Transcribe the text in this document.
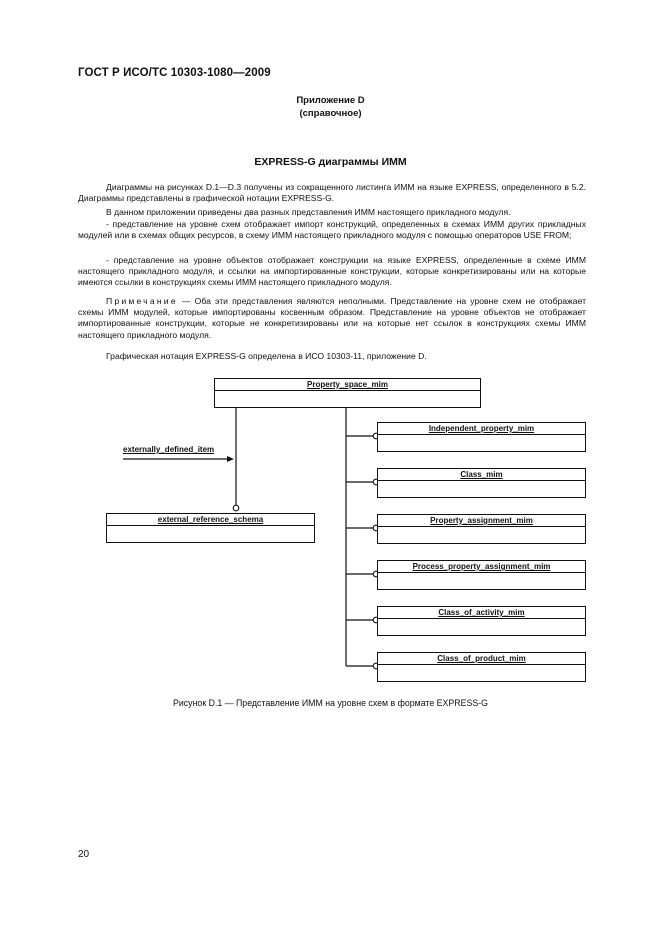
ГОСТ Р ИСО/ТС 10303-1080—2009
Приложение D
(справочное)
EXPRESS-G диаграммы ИММ

Диаграммы на рисунках D.1—D.3 получены из сокращенного листинга ИММ на языке EXPRESS, определенного в 5.2. Диаграммы представлены в графической нотации EXPRESS-G.

В данном приложении приведены два разных представления ИММ настоящего прикладного модуля.

- представление на уровне схем отображает импорт конструкций, определенных в схемах ИММ других прикладных модулей или в схемах общих ресурсов, в схему ИММ настоящего прикладного модуля с помощью операторов USE FROM;

- представление на уровне объектов отображает конструкции на языке EXPRESS, определенные в схеме ИММ настоящего прикладного модуля, и ссылки на импортированные конструкции, которые конкретизированы или на которые имеются ссылки в конструкциях схемы ИММ настоящего прикладного модуля.

Примечание — Оба эти представления являются неполными. Представление на уровне схем не отображает схемы ИММ модулей, которые импортированы косвенным образом. Представление на уровне объектов не отображает импортированные конструкции, которые не конкретизированы или на которые нет ссылок в конструкциях схемы ИММ настоящего прикладного модуля.

Графическая нотация EXPRESS-G определена в ИСО 10303-11, приложение D.

Property_space_mim
externally_defined_item
external_reference_schema
Independent_property_mim
Class_mim
Property_assignment_mim
Process_property_assignment_mim
Class_of_activity_mim
Class_of_product_mim
Рисунок D.1 — Представление ИММ на уровне схем в формате EXPRESS-G
20
